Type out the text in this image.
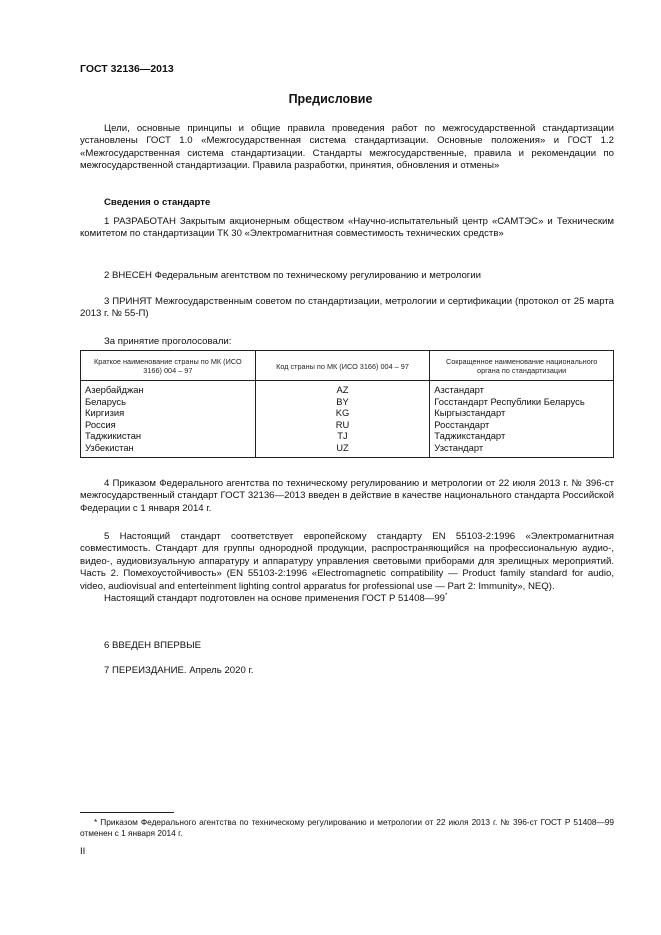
ГОСТ 32136—2013
Предисловие

Цели, основные принципы и общие правила проведения работ по межгосударственной стандартизации установлены ГОСТ 1.0 «Межгосударственная система стандартизации. Основные положения» и ГОСТ 1.2 «Межгосударственная система стандартизации. Стандарты межгосударственные, правила и рекомендации по межгосударственной стандартизации. Правила разработки, принятия, обновления и отмены»

Сведения о стандарте

1 РАЗРАБОТАН Закрытым акционерным обществом «Научно-испытательный центр «САМТЭС» и Техническим комитетом по стандартизации ТК 30 «Электромагнитная совместимость технических средств»

2 ВНЕСЕН Федеральным агентством по техническому регулированию и метрологии

3 ПРИНЯТ Межгосударственным советом по стандартизации, метрологии и сертификации (протокол от 25 марта 2013 г. № 55-П)

За принятие проголосовали:

Краткое наименование страны по МК (ИСО 3166) 004 – 97	Код страны по МК (ИСО 3166) 004 – 97	Сокращенное наименование национального органа по стандартизации
Азербайджан	AZ	Азстандарт
Беларусь	BY	Госстандарт Республики Беларусь
Киргизия	KG	Кыргызстандарт
Россия	RU	Росстандарт
Таджикистан	TJ	Таджикстандарт
Узбекистан	UZ	Узстандарт

4 Приказом Федерального агентства по техническому регулированию и метрологии от 22 июля 2013 г. № 396-ст межгосударственный стандарт ГОСТ 32136—2013 введен в действие в качестве национального стандарта Российской Федерации с 1 января 2014 г.

5 Настоящий стандарт соответствует европейскому стандарту EN 55103-2:1996 «Электромагнитная совместимость. Стандарт для группы однородной продукции, распространяющийся на профессиональную аудио-, видео-, аудиовизуальную аппаратуру и аппаратуру управления световыми приборами для зрелищных мероприятий. Часть 2. Помехоустойчивость» (EN 55103-2:1996 «Electromagnetic compatibility — Product family standard for audio, video, audiovisual and enterteinment lighting control apparatus for professional use — Part 2: Immunity», NEQ).

Настоящий стандарт подготовлен на основе применения ГОСТ Р 51408—99*

6 ВВЕДЕН ВПЕРВЫЕ

7 ПЕРЕИЗДАНИЕ. Апрель 2020 г.

* Приказом Федерального агентства по техническому регулированию и метрологии от 22 июля 2013 г. № 396-ст ГОСТ Р 51408—99 отменен с 1 января 2014 г.
II
